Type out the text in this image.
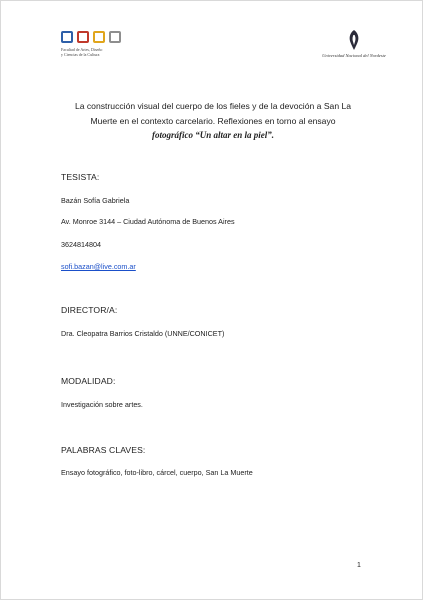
Facultad de Artes, Diseño
y Ciencias de la Cultura	Universidad Nacional del Nordeste
La construcción visual del cuerpo de los fieles y de la devoción a San La
Muerte en el contexto carcelario. Reflexiones en torno al ensayo
fotográfico “Un altar en la piel”.
TESISTA:
Bazán Sofía Gabriela
Av. Monroe 3144 – Ciudad Autónoma de Buenos Aires
3624814804
sofi.bazan@live.com.ar
DIRECTOR/A:
Dra. Cleopatra Barrios Cristaldo (UNNE/CONICET)
MODALIDAD:
Investigación sobre artes.
PALABRAS CLAVES:
Ensayo fotográfico, foto-libro, cárcel, cuerpo, San La Muerte
1
